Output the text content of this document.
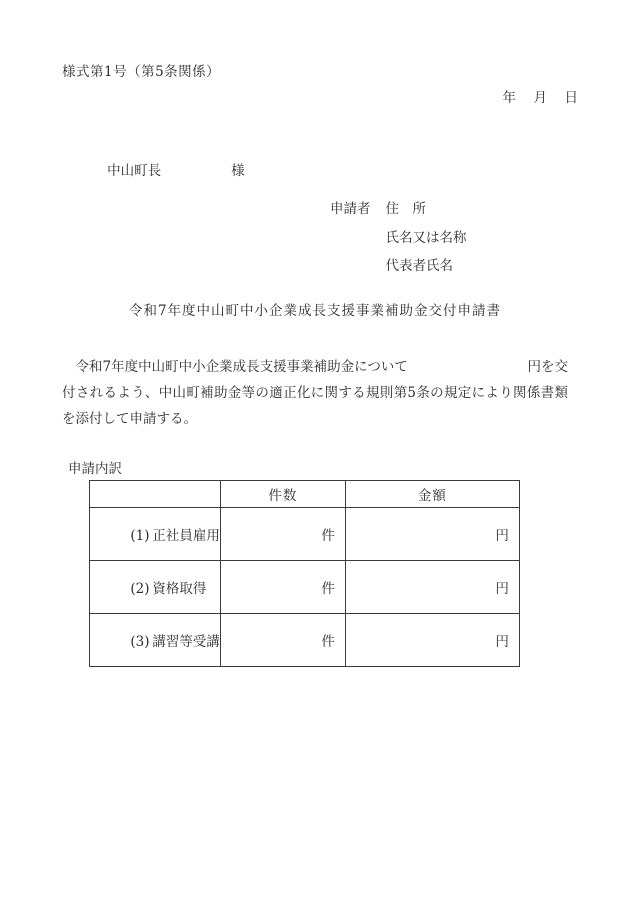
様式第1号（第5条関係）
年　月　日

中山町長	様

申請者 住　所
氏名又は名称
代表者氏名
令和7年度中山町中小企業成長支援事業補助金交付申請書
　令和7年度中山町中小企業成長支援事業補助金について	円を交
付されるよう、中山町補助金等の適正化に関する規則第5条の規定により関係書類
を添付して申請する。
申請内訳
	件数	金額

(1) 正社員雇用	件	円

(2) 資格取得	件	円

(3) 講習等受講	件	円
